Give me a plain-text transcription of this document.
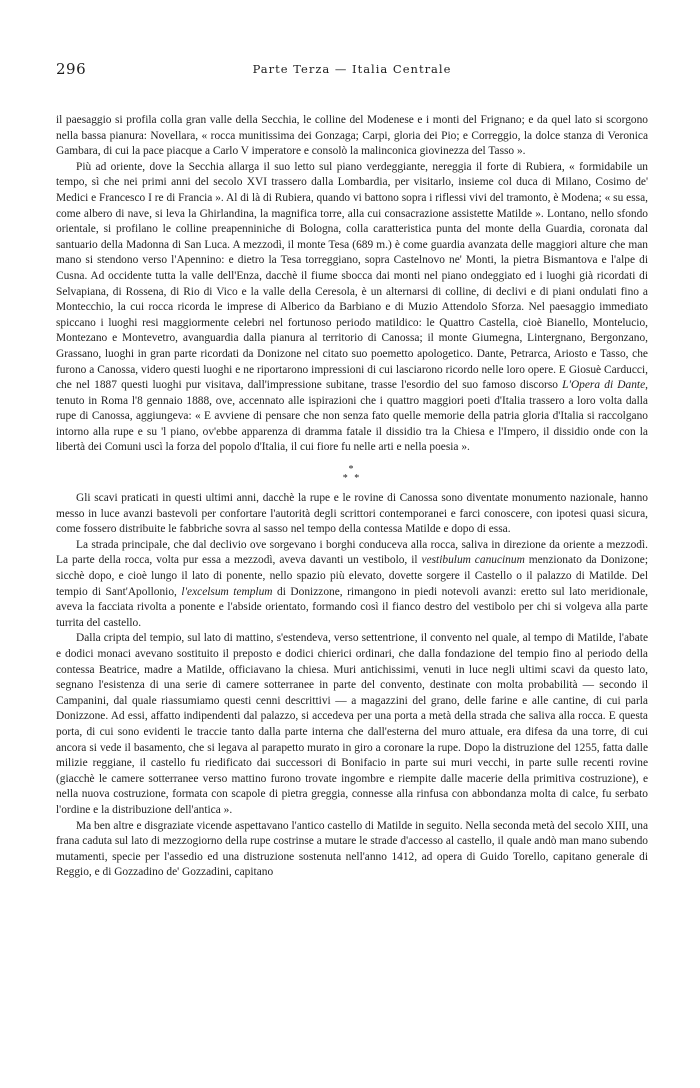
296	Parte Terza — Italia Centrale

il paesaggio si profila colla gran valle della Secchia, le colline del Modenese e i monti del Frignano; e da quel lato si scorgono nella bassa pianura: Novellara, « rocca munitissima dei Gonzaga; Carpi, gloria dei Pio; e Correggio, la dolce stanza di Veronica Gambara, di cui la pace piacque a Carlo V imperatore e consolò la malinconica giovinezza del Tasso ».

Più ad oriente, dove la Secchia allarga il suo letto sul piano verdeggiante, nereggia il forte di Rubiera, « formidabile un tempo, sì che nei primi anni del secolo XVI trassero dalla Lombardia, per visitarlo, insieme col duca di Milano, Cosimo de' Medici e Francesco I re di Francia ». Al di là di Rubiera, quando vi battono sopra i riflessi vivi del tramonto, è Modena; « su essa, come albero di nave, si leva la Ghirlandina, la magnifica torre, alla cui consacrazione assistette Matilde ». Lontano, nello sfondo orientale, si profilano le colline preapenniniche di Bologna, colla caratteristica punta del monte della Guardia, coronata dal santuario della Madonna di San Luca. A mezzodì, il monte Tesa (689 m.) è come guardia avanzata delle maggiori alture che man mano si stendono verso l'Apennino: e dietro la Tesa torreggiano, sopra Castelnovo ne' Monti, la pietra Bismantova e l'alpe di Cusna. Ad occidente tutta la valle dell'Enza, dacchè il fiume sbocca dai monti nel piano ondeggiato ed i luoghi già ricordati di Selvapiana, di Rossena, di Rio di Vico e la valle della Ceresola, è un alternarsi di colline, di declivi e di piani ondulati fino a Montecchio, la cui rocca ricorda le imprese di Alberico da Barbiano e di Muzio Attendolo Sforza. Nel paesaggio immediato spiccano i luoghi resi maggiormente celebri nel fortunoso periodo matildico: le Quattro Castella, cioè Bianello, Montelucio, Montezano e Montevetro, avanguardia dalla pianura al territorio di Canossa; il monte Giumegna, Lintergnano, Bergonzano, Grassano, luoghi in gran parte ricordati da Donizone nel citato suo poemetto apologetico. Dante, Petrarca, Ariosto e Tasso, che furono a Canossa, videro questi luoghi e ne riportarono impressioni di cui lasciarono ricordo nelle loro opere. E Giosuè Carducci, che nel 1887 questi luoghi pur visitava, dall'impressione subitane, trasse l'esordio del suo famoso discorso L'Opera di Dante, tenuto in Roma l'8 gennaio 1888, ove, accennato alle ispirazioni che i quattro maggiori poeti d'Italia trassero a loro volta dalla rupe di Canossa, aggiungeva: « E avviene di pensare che non senza fato quelle memorie della patria gloria d'Italia si raccolgano intorno alla rupe e su 'l piano, ov'ebbe apparenza di dramma fatale il dissidio tra la Chiesa e l'Impero, il dissidio onde con la libertà dei Comuni uscì la forza del popolo d'Italia, il cui fiore fu nelle arti e nella poesia ».

*
* *

Gli scavi praticati in questi ultimi anni, dacchè la rupe e le rovine di Canossa sono diventate monumento nazionale, hanno messo in luce avanzi bastevoli per confortare l'autorità degli scrittori contemporanei e farci conoscere, con ipotesi quasi sicura, come fossero distribuite le fabbriche sovra al sasso nel tempo della contessa Matilde e dopo di essa.

La strada principale, che dal declivio ove sorgevano i borghi conduceva alla rocca, saliva in direzione da oriente a mezzodì. La parte della rocca, volta pur essa a mezzodì, aveva davanti un vestibolo, il vestibulum canucinum menzionato da Donizone; sicchè dopo, e cioè lungo il lato di ponente, nello spazio più elevato, dovette sorgere il Castello o il palazzo di Matilde. Del tempio di Sant'Apollonio, l'excelsum templum di Donizzone, rimangono in piedi notevoli avanzi: eretto sul lato meridionale, aveva la facciata rivolta a ponente e l'abside orientato, formando così il fianco destro del vestibolo per chi si volgeva alla parte turrita del castello.

Dalla cripta del tempio, sul lato di mattino, s'estendeva, verso settentrione, il convento nel quale, al tempo di Matilde, l'abate e dodici monaci avevano sostituito il preposto e dodici chierici ordinari, che dalla fondazione del tempio fino al periodo della contessa Beatrice, madre a Matilde, officiavano la chiesa. Muri antichissimi, venuti in luce negli ultimi scavi da questo lato, segnano l'esistenza di una serie di camere sotterranee in parte del convento, destinate con molta probabilità — secondo il Campanini, dal quale riassumiamo questi cenni descrittivi — a magazzini del grano, delle farine e alle cantine, di cui parla Donizzone. Ad essi, affatto indipendenti dal palazzo, si accedeva per una porta a metà della strada che saliva alla rocca. E questa porta, di cui sono evidenti le traccie tanto dalla parte interna che dall'esterna del muro attuale, era difesa da una torre, di cui ancora si vede il basamento, che si legava al parapetto murato in giro a coronare la rupe. Dopo la distruzione del 1255, fatta dalle milizie reggiane, il castello fu riedificato dai successori di Bonifacio in parte sui muri vecchi, in parte sulle recenti rovine (giacchè le camere sotterranee verso mattino furono trovate ingombre e riempite dalle macerie della primitiva costruzione), e nella nuova costruzione, formata con scapole di pietra greggia, connesse alla rinfusa con abbondanza molta di calce, fu serbato l'ordine e la distribuzione dell'antica ».

Ma ben altre e disgraziate vicende aspettavano l'antico castello di Matilde in seguito. Nella seconda metà del secolo XIII, una frana caduta sul lato di mezzogiorno della rupe costrinse a mutare le strade d'accesso al castello, il quale andò man mano subendo mutamenti, specie per l'assedio ed una distruzione sostenuta nell'anno 1412, ad opera di Guido Torello, capitano generale di Reggio, e di Gozzadino de' Gozzadini, capitano
